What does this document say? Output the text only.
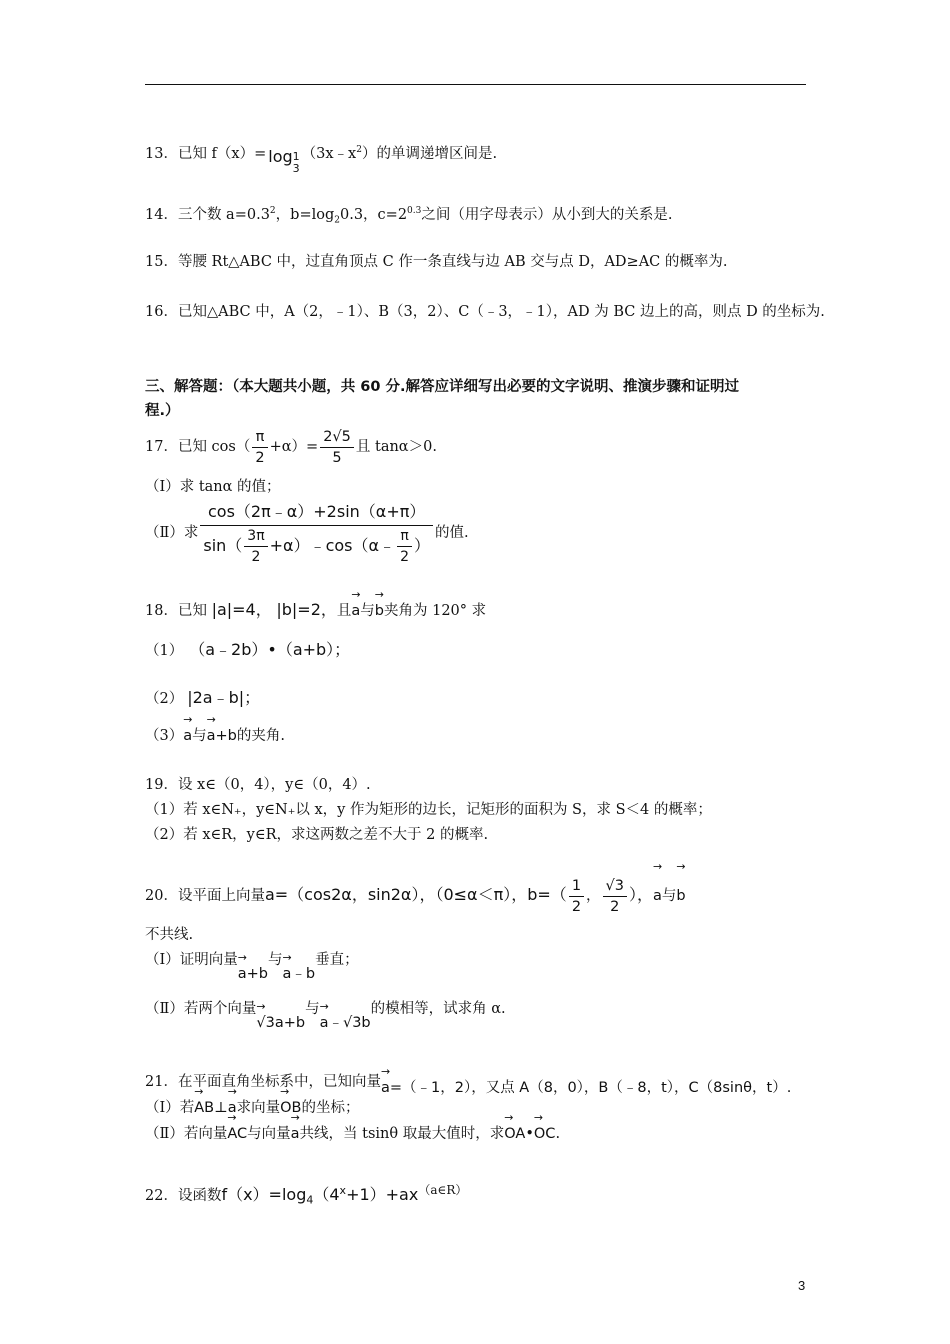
13．已知 f（x）= log 1
3
$(3x﹣x^2)$的单调递增区间是.
14．三个数 $a=0.3^2$，$b=\log_20.3$，$c=2^{0.3}$之间（用字母表示）从小到大的关系是.
15．等腰 Rt△ABC 中，过直角顶点 C 作一条直线与边 AB 交与点 D，AD≥AC 的概率为.
16．已知△ABC 中，A（2，﹣1）、B（3，2）、C（﹣3，﹣1），AD 为 BC 边上的高，则点 D 的坐标为.
三、解答题：（本大题共小题，共 60 分.解答应详细写出必要的文字说明、推演步骤和证明过
程.）
17．已知 $\cos( \frac{\pi}{2} +\alpha)= \frac{2√5}{5}$ 且 tanα＞0.
（Ⅰ）求 tanα 的值；
（Ⅱ）求 $\frac{\cos(2\pi﹣\alpha)+2\sin(\alpha+\pi)}{\sin( \frac{3\pi}{2} +\alpha)﹣\cos(\alpha﹣ \frac{\pi}{2} )}$ 的值.
18．已知 |a|=4， |b|=2，且→ a与→ b夹角为 120° 求
（1） （a﹣2b）•（a+b）；
（2） |2a﹣b|；
（3）→ a与→ a+b的夹角.
19．设 x∈（0，4），y∈（0，4）.
（1）若 x∈N₊，y∈N₊以 x，y 作为矩形的边长，记矩形的面积为 S，求 S＜4 的概率；
（2）若 x∈R，y∈R，求这两数之差不大于 2 的概率.
20．设平面上向量a=（cos2α，sin2α），（0≤α＜π），$b=( \frac{1}{2}$ ， $\frac{√3}{2}$ ），→ a与→ b
不共线.
（Ⅰ）证明向量→ a+b与→ a﹣b垂直；
（Ⅱ）若两个向量→ √3a+b与→ a﹣√3b的模相等，试求角 α.
21．在平面直角坐标系中，已知向量→ a=（﹣1，2），又点 A（8，0），B（﹣8，t），C（8sinθ，t）.
（Ⅰ）若→ AB⊥→ a求向量→ OB的坐标；
（Ⅱ）若向量→ AC与向量→ a共线，当 tsinθ 取最大值时，求→ OA•→ OC.
22．设函数$f(x)=\log_4(4^x+1)+ax^{(a\in R)}$
3
